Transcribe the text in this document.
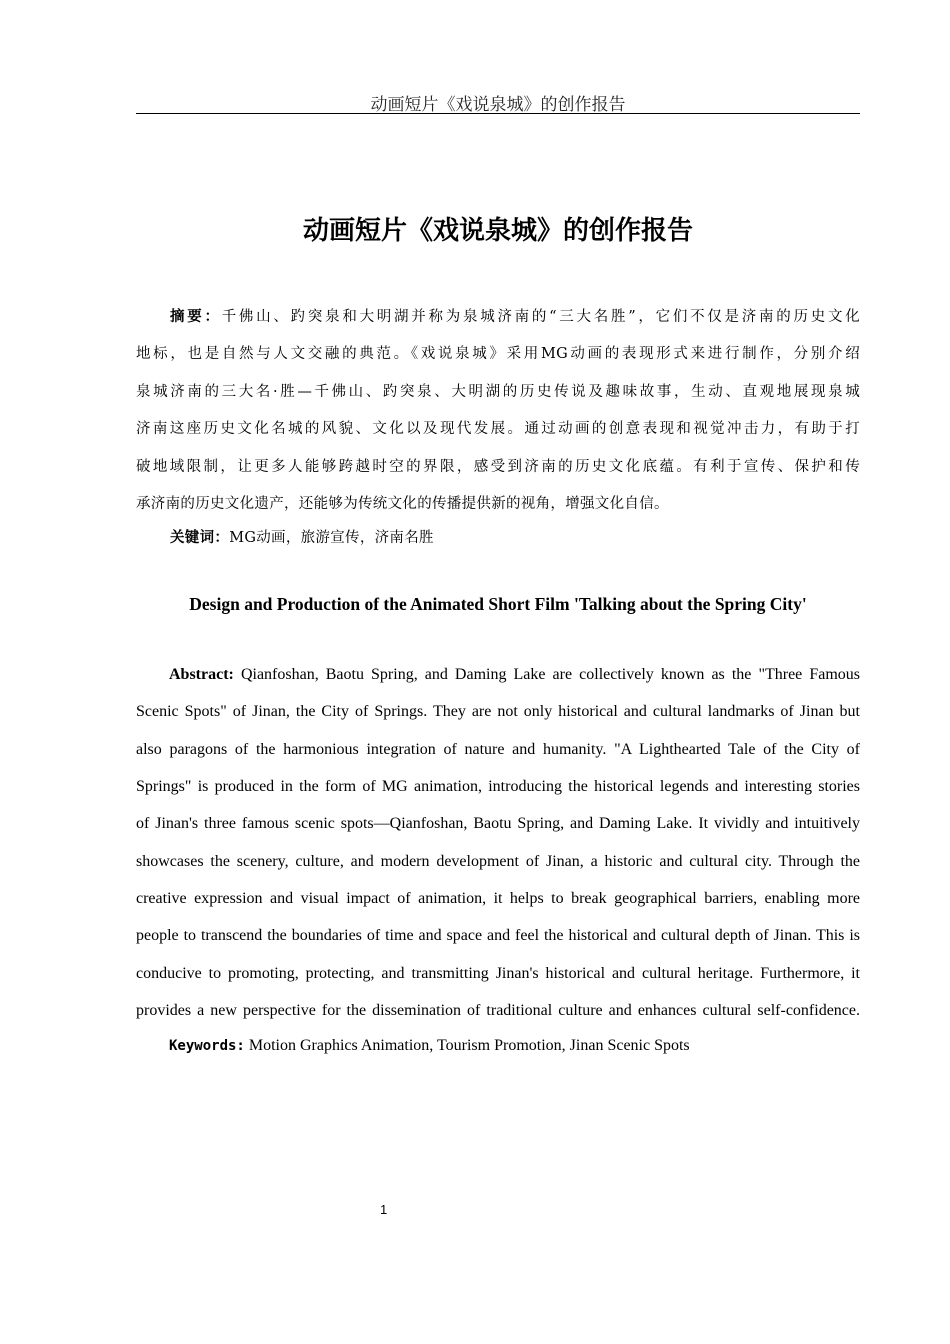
动画短片《戏说泉城》的创作报告
动画短片《戏说泉城》的创作报告
摘要：千佛山、趵突泉和大明湖并称为泉城济南的“三大名胜”，它们不仅是济南的历史文化
地标，也是自然与人文交融的典范。《戏说泉城》采用MG动画的表现形式来进行制作，分别介绍
泉城济南的三大名·胜—千佛山、趵突泉、大明湖的历史传说及趣味故事，生动、直观地展现泉城
济南这座历史文化名城的风貌、文化以及现代发展。通过动画的创意表现和视觉冲击力，有助于打
破地域限制，让更多人能够跨越时空的界限，感受到济南的历史文化底蕴。有利于宣传、保护和传
承济南的历史文化遗产，还能够为传统文化的传播提供新的视角，增强文化自信。
关键词：MG动画，旅游宣传，济南名胜
Design and Production of the Animated Short Film 'Talking about the Spring City'
Abstract: Qianfoshan, Baotu Spring, and Daming Lake are collectively known as the "Three Famous
Scenic Spots" of Jinan, the City of Springs. They are not only historical and cultural landmarks of Jinan but
also paragons of the harmonious integration of nature and humanity. "A Lighthearted Tale of the City of
Springs" is produced in the form of MG animation, introducing the historical legends and interesting stories
of Jinan's three famous scenic spots—Qianfoshan, Baotu Spring, and Daming Lake. It vividly and intuitively
showcases the scenery, culture, and modern development of Jinan, a historic and cultural city. Through the
creative expression and visual impact of animation, it helps to break geographical barriers, enabling more
people to transcend the boundaries of time and space and feel the historical and cultural depth of Jinan. This is
conducive to promoting, protecting, and transmitting Jinan's historical and cultural heritage. Furthermore, it
provides a new perspective for the dissemination of traditional culture and enhances cultural self-confidence.
Keywords: Motion Graphics Animation, Tourism Promotion, Jinan Scenic Spots
1
